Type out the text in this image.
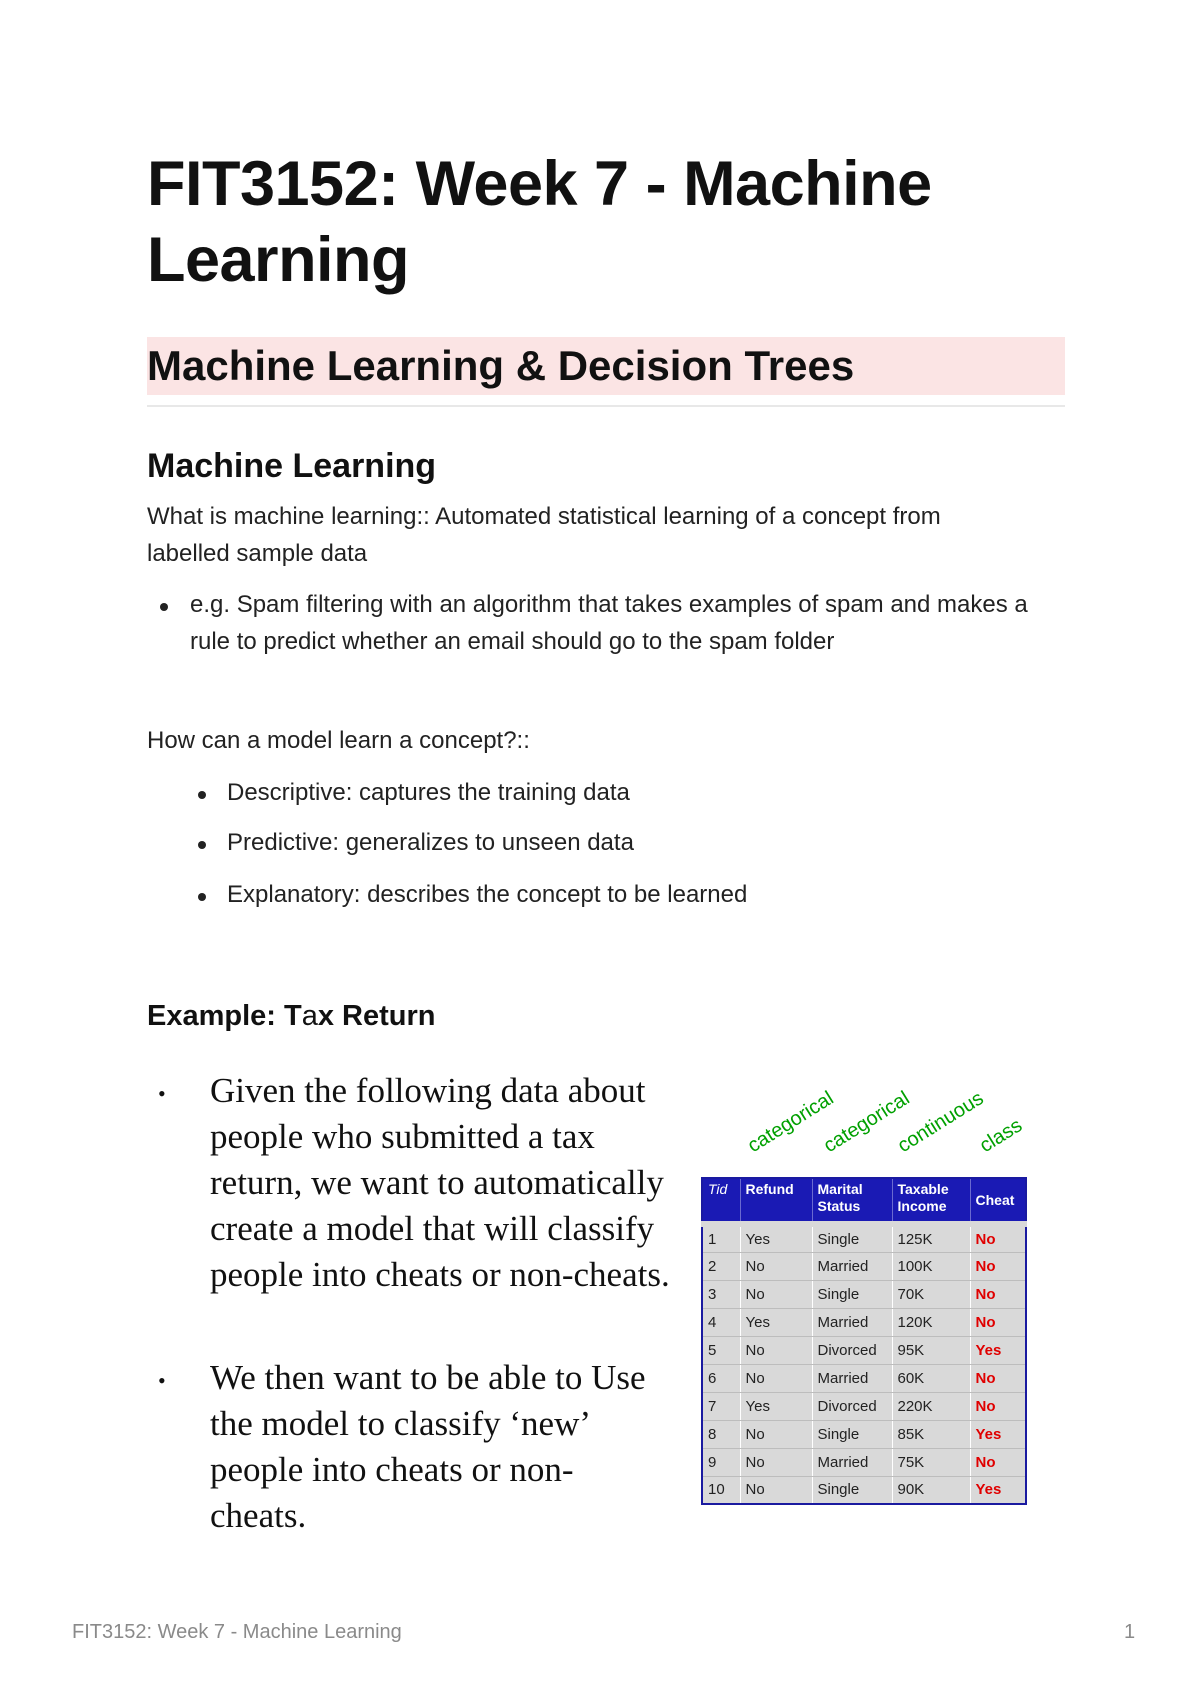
FIT3152: Week 7 - Machine Learning
Machine Learning & Decision Trees
Machine Learning
What is machine learning:: Automated statistical learning of a concept from labelled sample data
e.g. Spam filtering with an algorithm that takes examples of spam and makes a rule to predict whether an email should go to the spam folder
How can a model learn a concept?::
Descriptive: captures the training data
Predictive: generalizes to unseen data
Explanatory: describes the concept to be learned
Example: Tax Return
• Given the following data about people who submitted a tax return, we want to automatically create a model that will classify people into cheats or non-cheats.
• We then want to be able to Use the model to classify ‘new’ people into cheats or non-cheats.
categorical
categorical
continuous
class
Tid	Refund	Marital Status	Taxable Income	Cheat
1	Yes	Single	125K	No
2	No	Married	100K	No
3	No	Single	70K	No
4	Yes	Married	120K	No
5	No	Divorced	95K	Yes
6	No	Married	60K	No
7	Yes	Divorced	220K	No
8	No	Single	85K	Yes
9	No	Married	75K	No
10	No	Single	90K	Yes
FIT3152: Week 7 - Machine Learning	1
